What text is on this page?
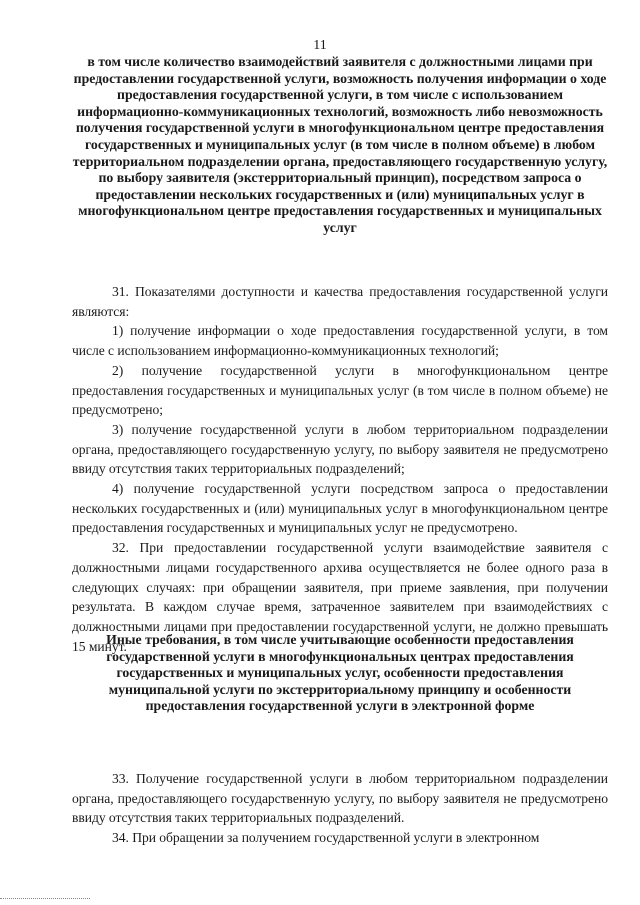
11
в том числе количество взаимодействий заявителя с должностными лицами при предоставлении государственной услуги, возможность получения информации о ходе предоставления государственной услуги, в том числе с использованием информационно-коммуникационных технологий, возможность либо невозможность получения государственной услуги в многофункциональном центре предоставления государственных и муниципальных услуг (в том числе в полном объеме) в любом территориальном подразделении органа, предоставляющего государственную услугу, по выбору заявителя (экстерриториальный принцип), посредством запроса о предоставлении нескольких государственных и (или) муниципальных услуг в многофункциональном центре предоставления государственных и муниципальных услуг

31. Показателями доступности и качества предоставления государственной услуги являются:

1) получение информации о ходе предоставления государственной услуги, в том числе с использованием информационно-коммуникационных технологий;

2) получение государственной услуги в многофункциональном центре предоставления государственных и муниципальных услуг (в том числе в полном объеме) не предусмотрено;

3) получение государственной услуги в любом территориальном подразделении органа, предоставляющего государственную услугу, по выбору заявителя не предусмотрено ввиду отсутствия таких территориальных подразделений;

4) получение государственной услуги посредством запроса о предоставлении нескольких государственных и (или) муниципальных услуг в многофункциональном центре предоставления государственных и муниципальных услуг не предусмотрено.

32. При предоставлении государственной услуги взаимодействие заявителя с должностными лицами государственного архива осуществляется не более одного раза в следующих случаях: при обращении заявителя, при приеме заявления, при получении результата. В каждом случае время, затраченное заявителем при взаимодействиях с должностными лицами при предоставлении государственной услуги, не должно превышать 15 минут.

Иные требования, в том числе учитывающие особенности предоставления государственной услуги в многофункциональных центрах предоставления государственных и муниципальных услуг, особенности предоставления муниципальной услуги по экстерриториальному принципу и особенности предоставления государственной услуги в электронной форме

33. Получение государственной услуги в любом территориальном подразделении органа, предоставляющего государственную услугу, по выбору заявителя не предусмотрено ввиду отсутствия таких территориальных подразделений.

34. При обращении за получением государственной услуги в электронном
